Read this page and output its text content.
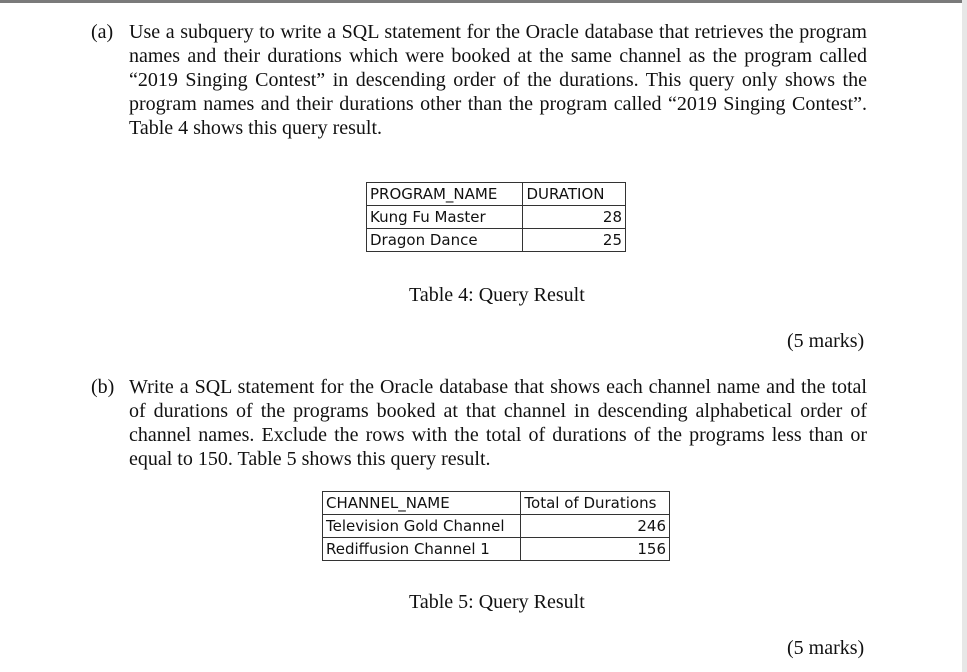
(a) Use a subquery to write a SQL statement for the Oracle database that retrieves the program names and their durations which were booked at the same channel as the program called “2019 Singing Contest” in descending order of the durations. This query only shows the program names and their durations other than the program called “2019 Singing Contest”. Table 4 shows this query result.
PROGRAM_NAME	DURATION
Kung Fu Master	28
Dragon Dance	25
Table 4: Query Result
(5 marks)
(b) Write a SQL statement for the Oracle database that shows each channel name and the total of durations of the programs booked at that channel in descending alphabetical order of channel names. Exclude the rows with the total of durations of the programs less than or equal to 150. Table 5 shows this query result.
CHANNEL_NAME	Total of Durations
Television Gold Channel	246
Rediffusion Channel 1	156
Table 5: Query Result
(5 marks)
